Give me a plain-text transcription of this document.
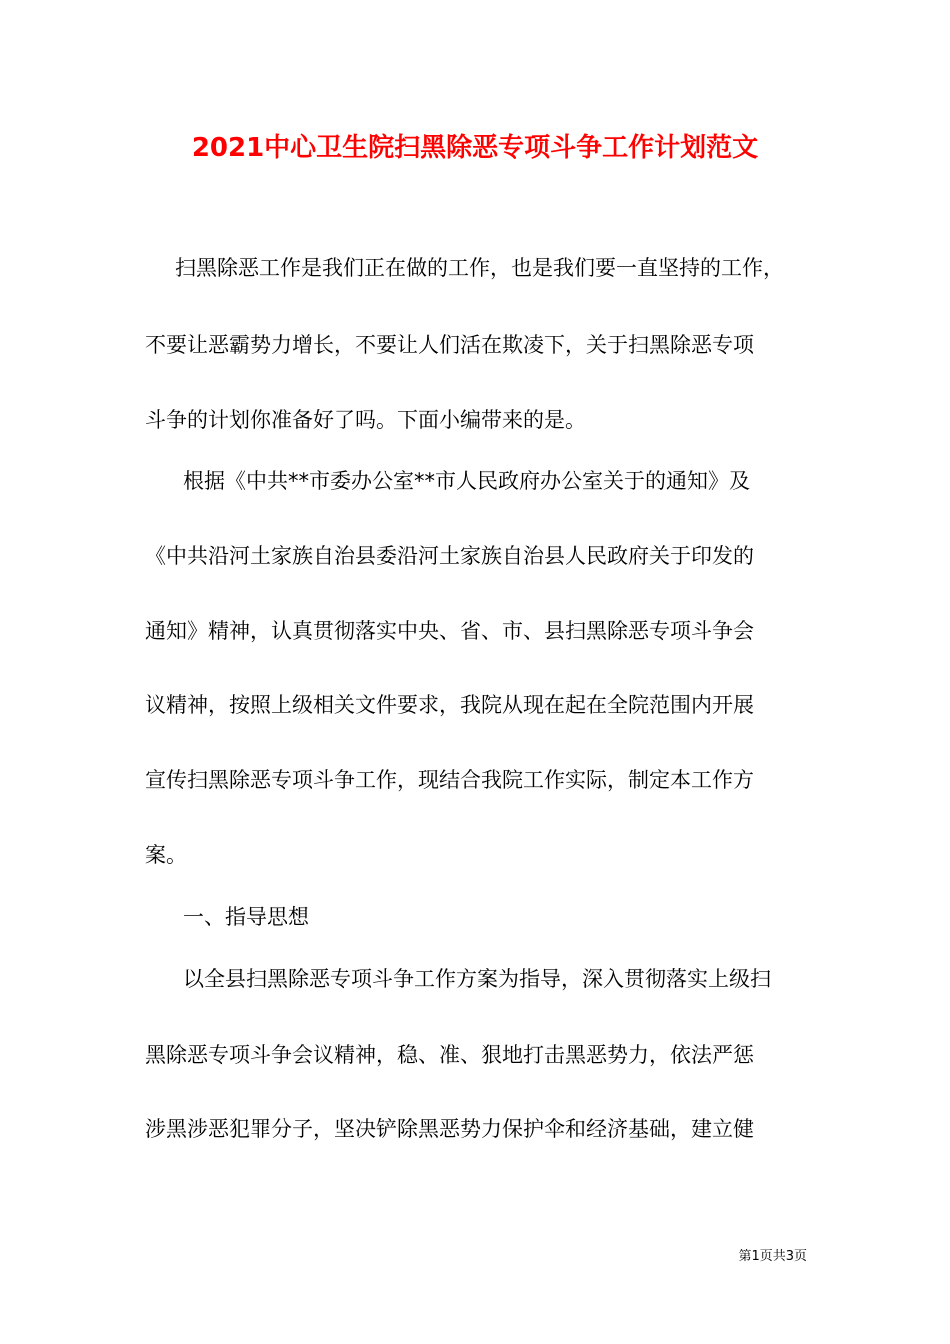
2021中心卫生院扫黑除恶专项斗争工作计划范文
扫黑除恶工作是我们正在做的工作，也是我们要一直坚持的工作，
不要让恶霸势力增长，不要让人们活在欺凌下，关于扫黑除恶专项
斗争的计划你准备好了吗。下面小编带来的是。
根据《中共**市委办公室**市人民政府办公室关于的通知》及
《中共沿河土家族自治县委沿河土家族自治县人民政府关于印发的
通知》精神，认真贯彻落实中央、省、市、县扫黑除恶专项斗争会
议精神，按照上级相关文件要求，我院从现在起在全院范围内开展
宣传扫黑除恶专项斗争工作，现结合我院工作实际，制定本工作方
案。
一、指导思想
以全县扫黑除恶专项斗争工作方案为指导，深入贯彻落实上级扫
黑除恶专项斗争会议精神，稳、准、狠地打击黑恶势力，依法严惩
涉黑涉恶犯罪分子，坚决铲除黑恶势力保护伞和经济基础，建立健
第1页共3页
